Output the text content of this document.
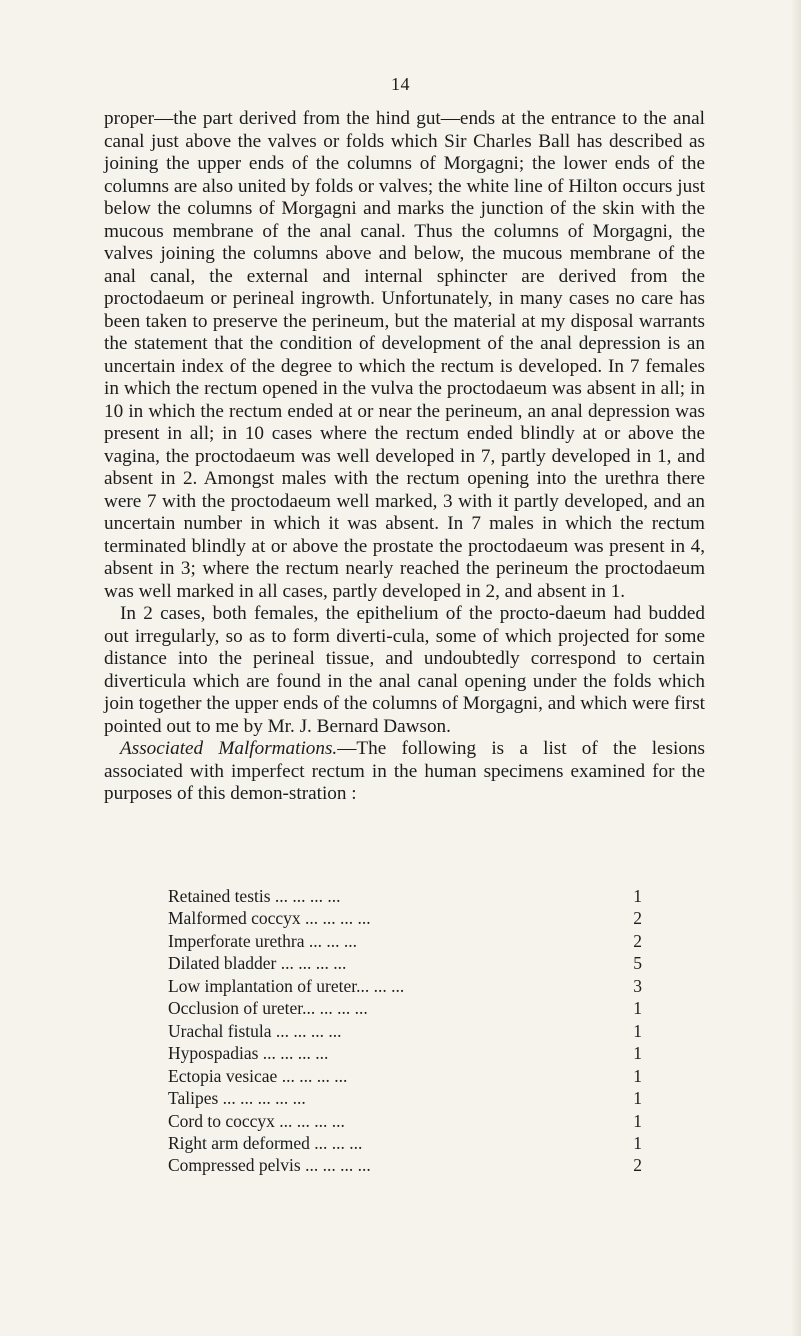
14

proper—the part derived from the hind gut—ends at the entrance to the anal canal just above the valves or folds which Sir Charles Ball has described as joining the upper ends of the columns of Morgagni; the lower ends of the columns are also united by folds or valves; the white line of Hilton occurs just below the columns of Morgagni and marks the junction of the skin with the mucous membrane of the anal canal. Thus the columns of Morgagni, the valves joining the columns above and below, the mucous membrane of the anal canal, the external and internal sphincter are derived from the proctodaeum or perineal ingrowth. Unfortunately, in many cases no care has been taken to preserve the perineum, but the material at my disposal warrants the statement that the condition of development of the anal depression is an uncertain index of the degree to which the rectum is developed. In 7 females in which the rectum opened in the vulva the proctodaeum was absent in all; in 10 in which the rectum ended at or near the perineum, an anal depression was present in all; in 10 cases where the rectum ended blindly at or above the vagina, the proctodaeum was well developed in 7, partly developed in 1, and absent in 2. Amongst males with the rectum opening into the urethra there were 7 with the proctodaeum well marked, 3 with it partly developed, and an uncertain number in which it was absent. In 7 males in which the rectum terminated blindly at or above the prostate the proctodaeum was present in 4, absent in 3; where the rectum nearly reached the perineum the proctodaeum was well marked in all cases, partly developed in 2, and absent in 1.

In 2 cases, both females, the epithelium of the procto-daeum had budded out irregularly, so as to form diverti-cula, some of which projected for some distance into the perineal tissue, and undoubtedly correspond to certain diverticula which are found in the anal canal opening under the folds which join together the upper ends of the columns of Morgagni, and which were first pointed out to me by Mr. J. Bernard Dawson.

Associated Malformations.—The following is a list of the lesions associated with imperfect rectum in the human specimens examined for the purposes of this demon-stration :

Retained testis ... ... ... ...	1
Malformed coccyx ... ... ... ...	2
Imperforate urethra ... ... ...	2
Dilated bladder ... ... ... ...	5
Low implantation of ureter... ... ...	3
Occlusion of ureter... ... ... ...	1
Urachal fistula ... ... ... ...	1
Hypospadias ... ... ... ...	1
Ectopia vesicae ... ... ... ...	1
Talipes ... ... ... ... ...	1
Cord to coccyx ... ... ... ...	1
Right arm deformed ... ... ...	1
Compressed pelvis ... ... ... ...	2
